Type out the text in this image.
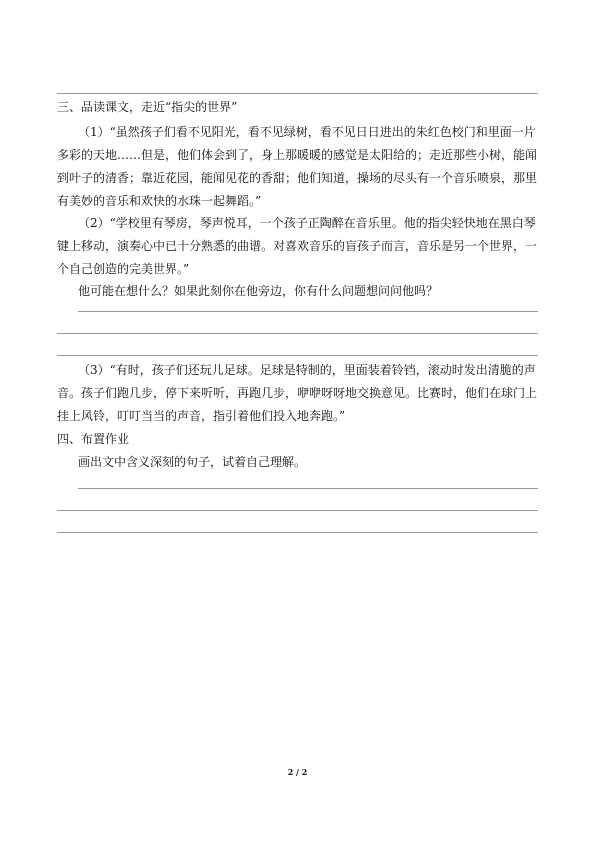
三、品读课文，走近“指尖的世界”
（1）“虽然孩子们看不见阳光，看不见绿树，看不见日日进出的朱红色校门和里面一片
多彩的天地……但是，他们体会到了，身上那暖暖的感觉是太阳给的；走近那些小树，能闻
到叶子的清香；靠近花园，能闻见花的香甜；他们知道，操场的尽头有一个音乐喷泉，那里
有美妙的音乐和欢快的水珠一起舞蹈。”
（2）“学校里有琴房，琴声悦耳，一个孩子正陶醉在音乐里。他的指尖轻快地在黑白琴
键上移动，演奏心中已十分熟悉的曲谱。对喜欢音乐的盲孩子而言，音乐是另一个世界，一
个自己创造的完美世界。”
他可能在想什么？如果此刻你在他旁边，你有什么问题想问问他吗？
（3）“有时，孩子们还玩儿足球。足球是特制的，里面装着铃铛，滚动时发出清脆的声
音。孩子们跑几步，停下来听听，再跑几步，咿咿呀呀地交换意见。比赛时，他们在球门上
挂上风铃，叮叮当当的声音，指引着他们投入地奔跑。”
四、布置作业
画出文中含义深刻的句子，试着自己理解。
2 / 2
